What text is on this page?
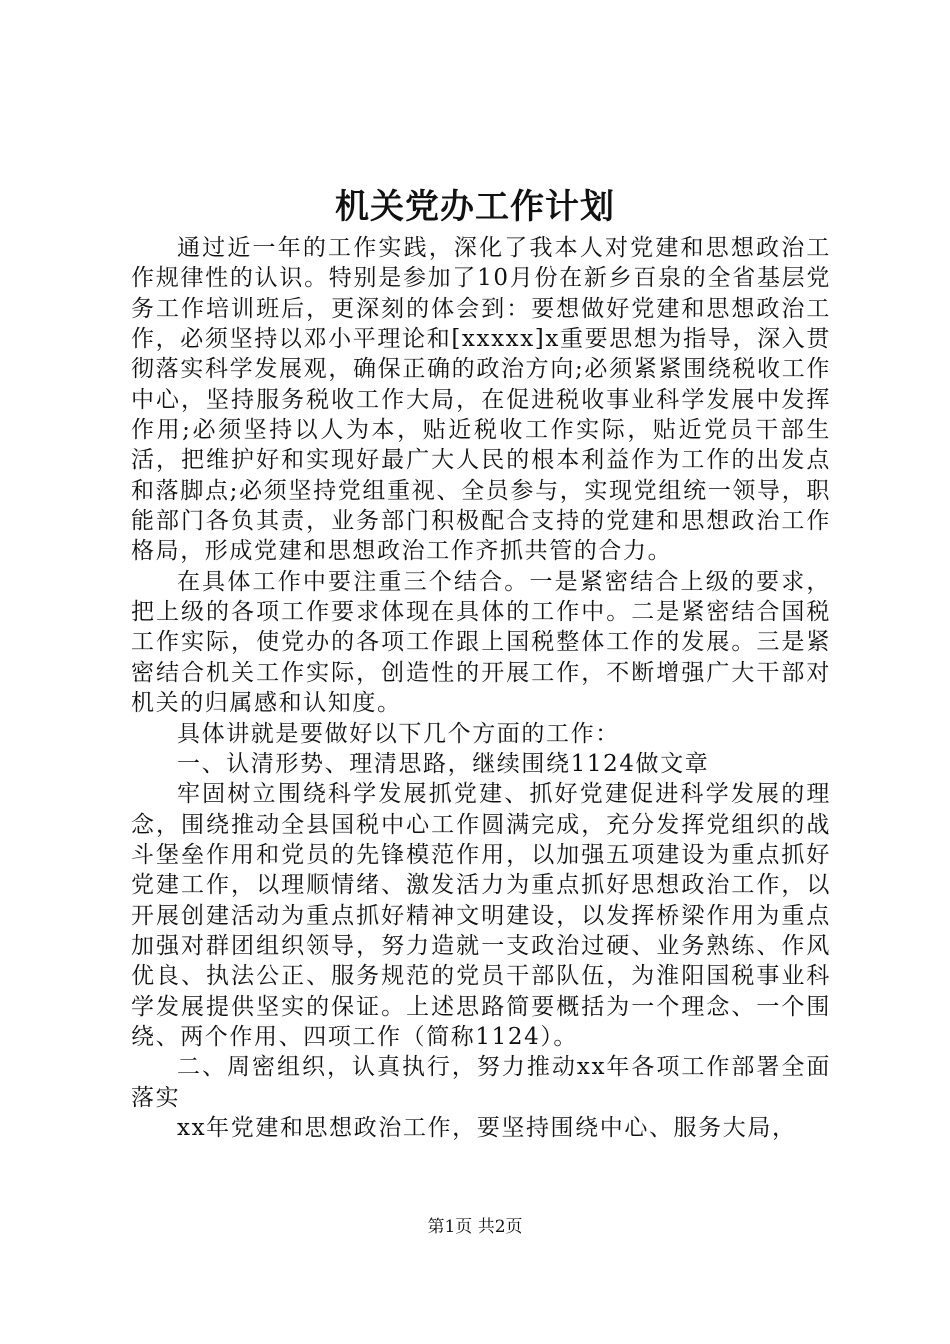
机关党办工作计划

通过近一年的工作实践，深化了我本人对党建和思想政治工作规律性的认识。特别是参加了10月份在新乡百泉的全省基层党务工作培训班后，更深刻的体会到：要想做好党建和思想政治工作，必须坚持以邓小平理论和[xxxxx]x重要思想为指导，深入贯彻落实科学发展观，确保正确的政治方向;必须紧紧围绕税收工作中心，坚持服务税收工作大局，在促进税收事业科学发展中发挥作用;必须坚持以人为本，贴近税收工作实际，贴近党员干部生活，把维护好和实现好最广大人民的根本利益作为工作的出发点和落脚点;必须坚持党组重视、全员参与，实现党组统一领导，职能部门各负其责，业务部门积极配合支持的党建和思想政治工作格局，形成党建和思想政治工作齐抓共管的合力。

在具体工作中要注重三个结合。一是紧密结合上级的要求，把上级的各项工作要求体现在具体的工作中。二是紧密结合国税工作实际，使党办的各项工作跟上国税整体工作的发展。三是紧密结合机关工作实际，创造性的开展工作，不断增强广大干部对机关的归属感和认知度。

具体讲就是要做好以下几个方面的工作：

一、认清形势、理清思路，继续围绕1124做文章

牢固树立围绕科学发展抓党建、抓好党建促进科学发展的理念，围绕推动全县国税中心工作圆满完成，充分发挥党组织的战斗堡垒作用和党员的先锋模范作用，以加强五项建设为重点抓好党建工作，以理顺情绪、激发活力为重点抓好思想政治工作，以开展创建活动为重点抓好精神文明建设，以发挥桥梁作用为重点加强对群团组织领导，努力造就一支政治过硬、业务熟练、作风优良、执法公正、服务规范的党员干部队伍，为淮阳国税事业科学发展提供坚实的保证。上述思路简要概括为一个理念、一个围绕、两个作用、四项工作（简称1124）。

二、周密组织，认真执行，努力推动xx年各项工作部署全面落实

xx年党建和思想政治工作，要坚持围绕中心、服务大局，

第1页 共2页
